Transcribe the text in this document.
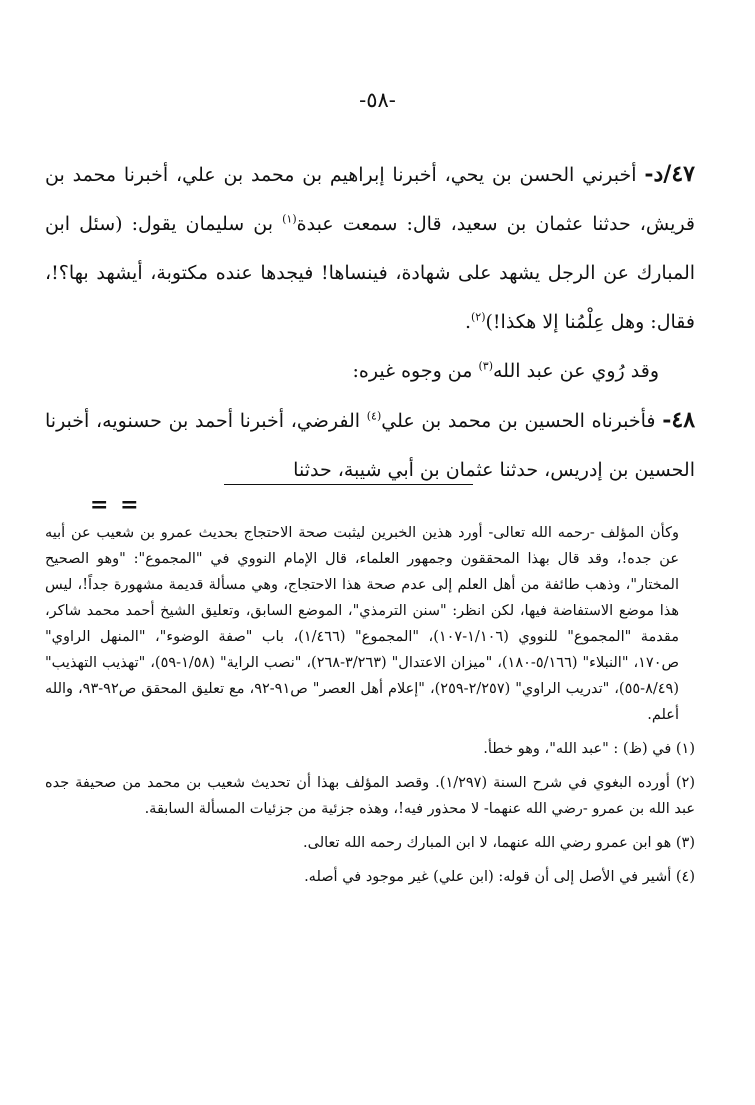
-٥٨-

٤٧/د- أخبرني الحسن بن يحي، أخبرنا إبراهيم بن محمد بن علي، أخبرنا محمد بن قريش، حدثنا عثمان بن سعيد، قال: سمعت عبدة$^{(١)}$ بن سليمان يقول: (سئل ابن المبارك عن الرجل يشهد على شهادة، فينساها! فيجدها عنده مكتوبة، أيشهد بها؟!، فقال: وهل عِلْمُنا إلا هكذا!)$^{(٢)}$.

وقد رُوي عن عبد الله$^{(٣)}$ من وجوه غيره:

٤٨- فأخبرناه الحسين بن محمد بن علي$^{(٤)}$ الفرضي، أخبرنا أحمد بن حسنويه، أخبرنا الحسين بن إدريس، حدثنا عثمان بن أبي شيبة، حدثنا

= =

وكأن المؤلف -رحمه الله تعالى- أورد هذين الخبرين ليثبت صحة الاحتجاج بحديث عمرو بن شعيب عن أبيه عن جده!، وقد قال بهذا المحققون وجمهور العلماء، قال الإمام النووي في "المجموع": "وهو الصحيح المختار"، وذهب طائفة من أهل العلم إلى عدم صحة هذا الاحتجاج، وهي مسألة قديمة مشهورة جداً!، ليس هذا موضع الاستفاضة فيها، لكن انظر: "سنن الترمذي"، الموضع السابق، وتعليق الشيخ أحمد محمد شاكر، مقدمة "المجموع" للنووي (١/١٠٦-١٠٧)، "المجموع" (١/٤٦٦)، باب "صفة الوضوء"، "المنهل الراوي" ص١٧٠، "النبلاء" (٥/١٦٦-١٨٠)، "ميزان الاعتدال" (٣/٢٦٣-٢٦٨)، "نصب الراية" (١/٥٨-٥٩)، "تهذيب التهذيب" (٨/٤٩-٥٥)، "تدريب الراوي" (٢/٢٥٧-٢٥٩)، "إعلام أهل العصر" ص٩١-٩٢، مع تعليق المحقق ص٩٢-٩٣، والله أعلم.

(١) في (ظ) : "عبد الله"، وهو خطأ.

(٢) أورده البغوي في شرح السنة (١/٢٩٧). وقصد المؤلف بهذا أن تحديث شعيب بن محمد من صحيفة جده عبد الله بن عمرو -رضي الله عنهما- لا محذور فيه!، وهذه جزئية من جزئيات المسألة السابقة.

(٣) هو ابن عمرو رضي الله عنهما، لا ابن المبارك رحمه الله تعالى.

(٤) أشير في الأصل إلى أن قوله: (ابن علي) غير موجود في أصله.
